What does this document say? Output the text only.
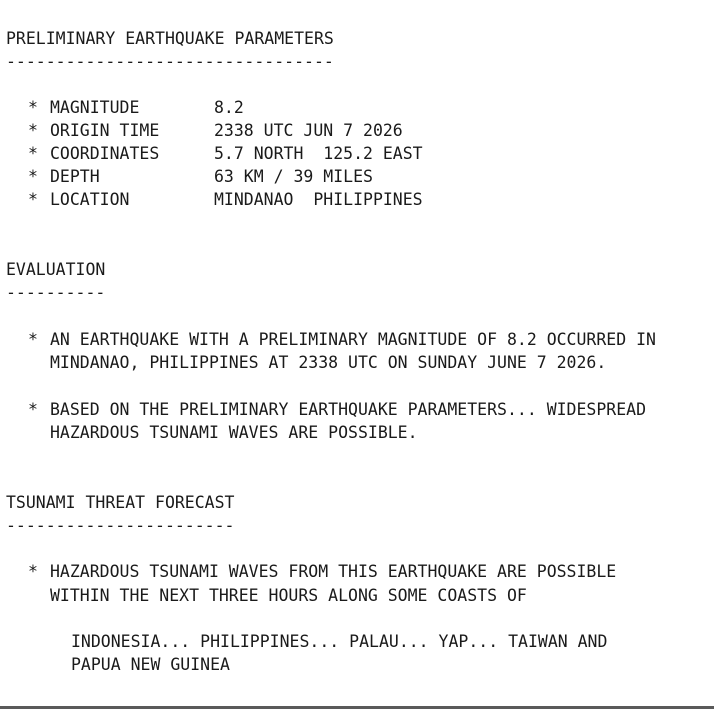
PRELIMINARY EARTHQUAKE PARAMETERS
---------------------------------
* MAGNITUDE	8.2
* ORIGIN TIME	2338 UTC JUN 7 2026
* COORDINATES	5.7 NORTH  125.2 EAST
* DEPTH	63 KM / 39 MILES
* LOCATION	MINDANAO  PHILIPPINES
EVALUATION
----------
* AN EARTHQUAKE WITH A PRELIMINARY MAGNITUDE OF 8.2 OCCURRED IN
MINDANAO, PHILIPPINES AT 2338 UTC ON SUNDAY JUNE 7 2026.
* BASED ON THE PRELIMINARY EARTHQUAKE PARAMETERS... WIDESPREAD
HAZARDOUS TSUNAMI WAVES ARE POSSIBLE.
TSUNAMI THREAT FORECAST
-----------------------
* HAZARDOUS TSUNAMI WAVES FROM THIS EARTHQUAKE ARE POSSIBLE
WITHIN THE NEXT THREE HOURS ALONG SOME COASTS OF
INDONESIA... PHILIPPINES... PALAU... YAP... TAIWAN AND
PAPUA NEW GUINEA
